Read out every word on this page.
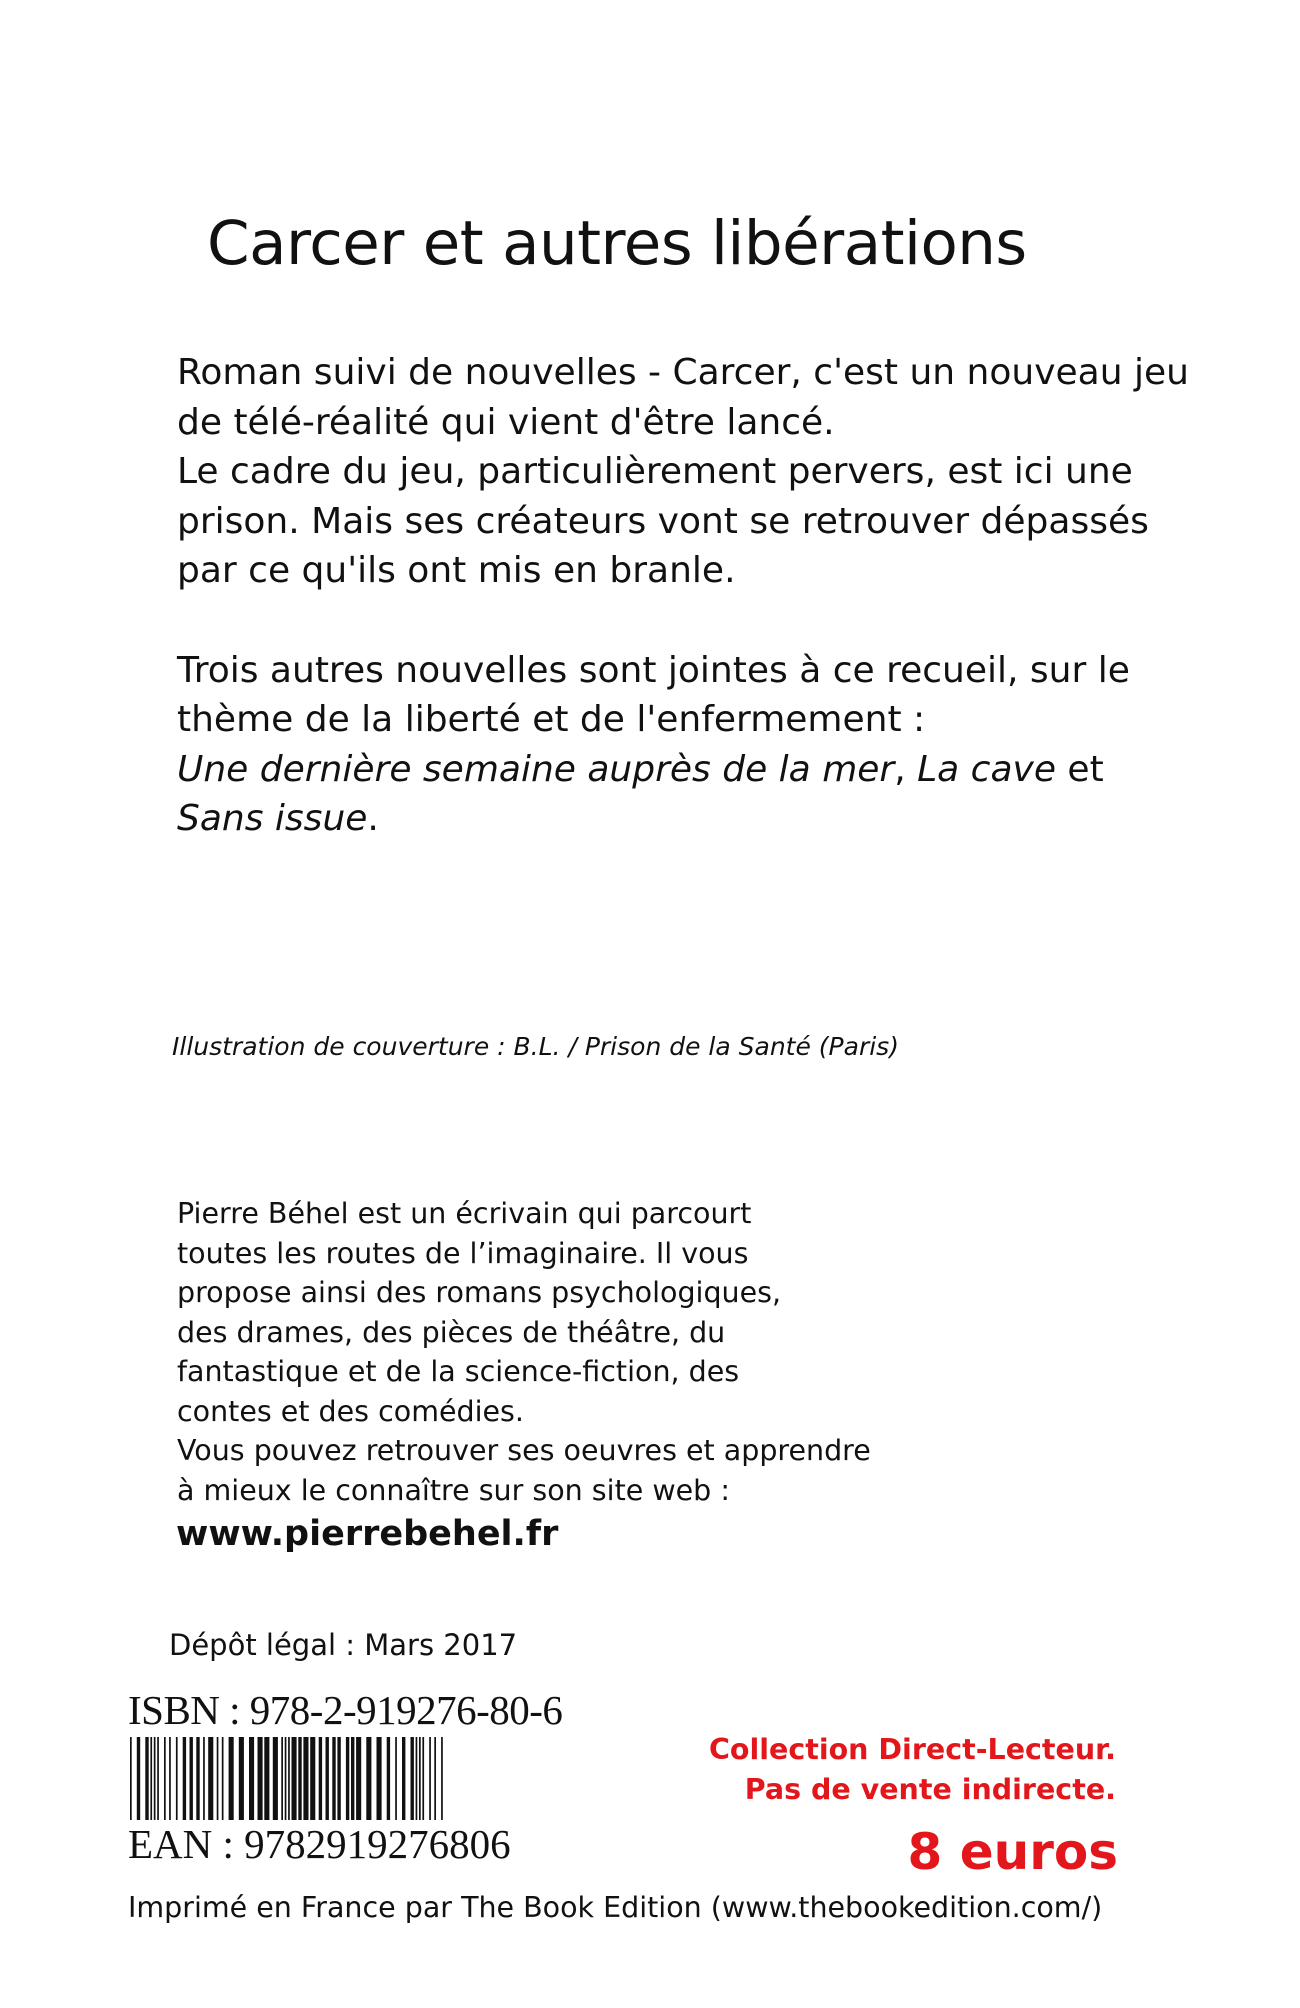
Carcer et autres libérations
Roman suivi de nouvelles - Carcer, c'est un nouveau jeu
de télé-réalité qui vient d'être lancé.
Le cadre du jeu, particulièrement pervers, est ici une
prison. Mais ses créateurs vont se retrouver dépassés
par ce qu'ils ont mis en branle.
Trois autres nouvelles sont jointes à ce recueil, sur le
thème de la liberté et de l'enfermement :
Une dernière semaine auprès de la mer, La cave et
Sans issue.
Illustration de couverture : B.L. / Prison de la Santé (Paris)
Pierre Béhel est un écrivain qui parcourt
toutes les routes de l’imaginaire. Il vous
propose ainsi des romans psychologiques,
des drames, des pièces de théâtre, du
fantastique et de la science-fiction, des
contes et des comédies.
Vous pouvez retrouver ses oeuvres et apprendre
à mieux le connaître sur son site web :
www.pierrebehel.fr
Dépôt légal : Mars 2017
ISBN : 978-2-919276-80-6
EAN : 9782919276806
Collection Direct-Lecteur.
Pas de vente indirecte.
8 euros
Imprimé en France par The Book Edition (www.thebookedition.com/)
